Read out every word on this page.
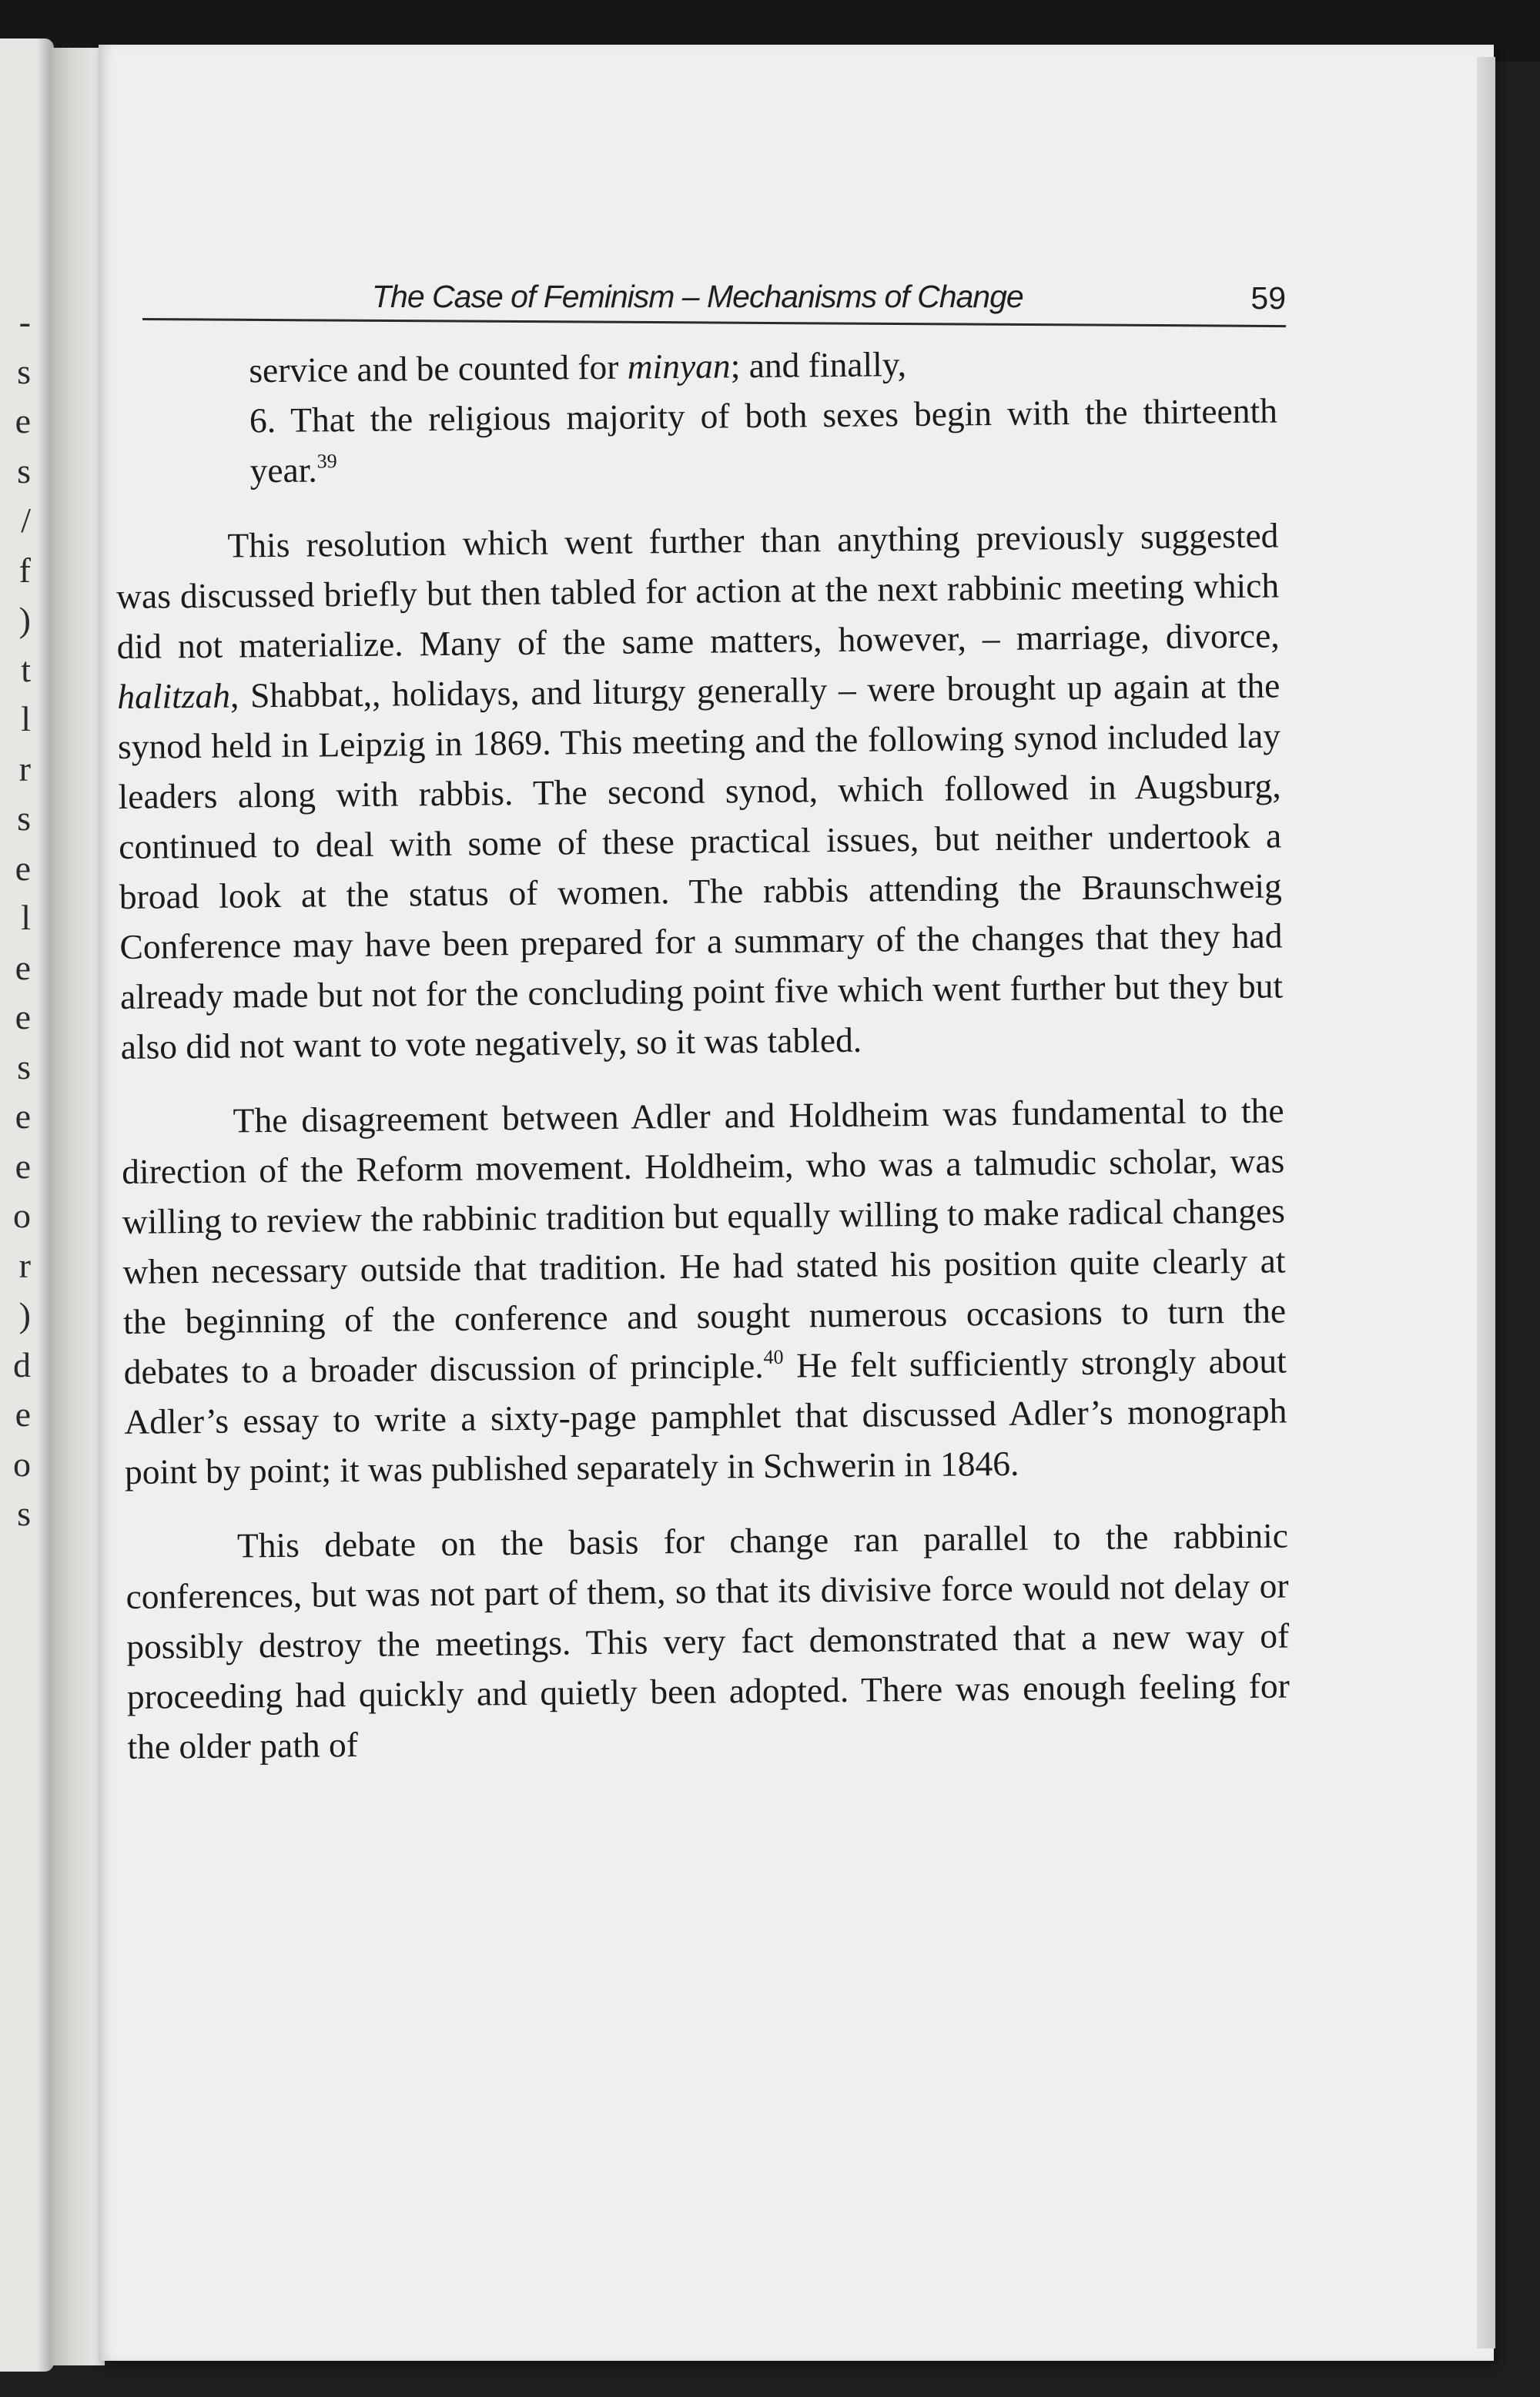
-
s
e
s
/
f
)
t
l
r
s
e
l
e
e
s
e
e
o
r
)
d
e
o
s
The Case of Feminism – Mechanisms of Change	59

service and be counted for minyan; and finally,
6. That the religious majority of both sexes begin with the thirteenth year.$^{39}$

This resolution which went further than anything previously suggested was discussed briefly but then tabled for action at the next rabbinic meeting which did not materialize. Many of the same matters, however, – marriage, divorce, halitzah, Shabbat,, holidays, and liturgy generally – were brought up again at the synod held in Leipzig in 1869. This meeting and the following synod included lay leaders along with rabbis. The second synod, which followed in Augsburg, continued to deal with some of these practical issues, but neither undertook a broad look at the status of women. The rabbis attending the Braunschweig Conference may have been prepared for a summary of the changes that they had already made but not for the concluding point five which went further but they but also did not want to vote negatively, so it was tabled.

The disagreement between Adler and Holdheim was fundamental to the direction of the Reform movement. Holdheim, who was a talmudic scholar, was willing to review the rabbinic tradition but equally willing to make radical changes when necessary outside that tradition. He had stated his position quite clearly at the beginning of the conference and sought numerous occasions to turn the debates to a broader discussion of principle.$^{40}$ He felt sufficiently strongly about Adler’s essay to write a sixty-page pamphlet that discussed Adler’s monograph point by point; it was published separately in Schwerin in 1846.

This debate on the basis for change ran parallel to the rabbinic conferences, but was not part of them, so that its divisive force would not delay or possibly destroy the meetings. This very fact demonstrated that a new way of proceeding had quickly and quietly been adopted. There was enough feeling for the older path of
